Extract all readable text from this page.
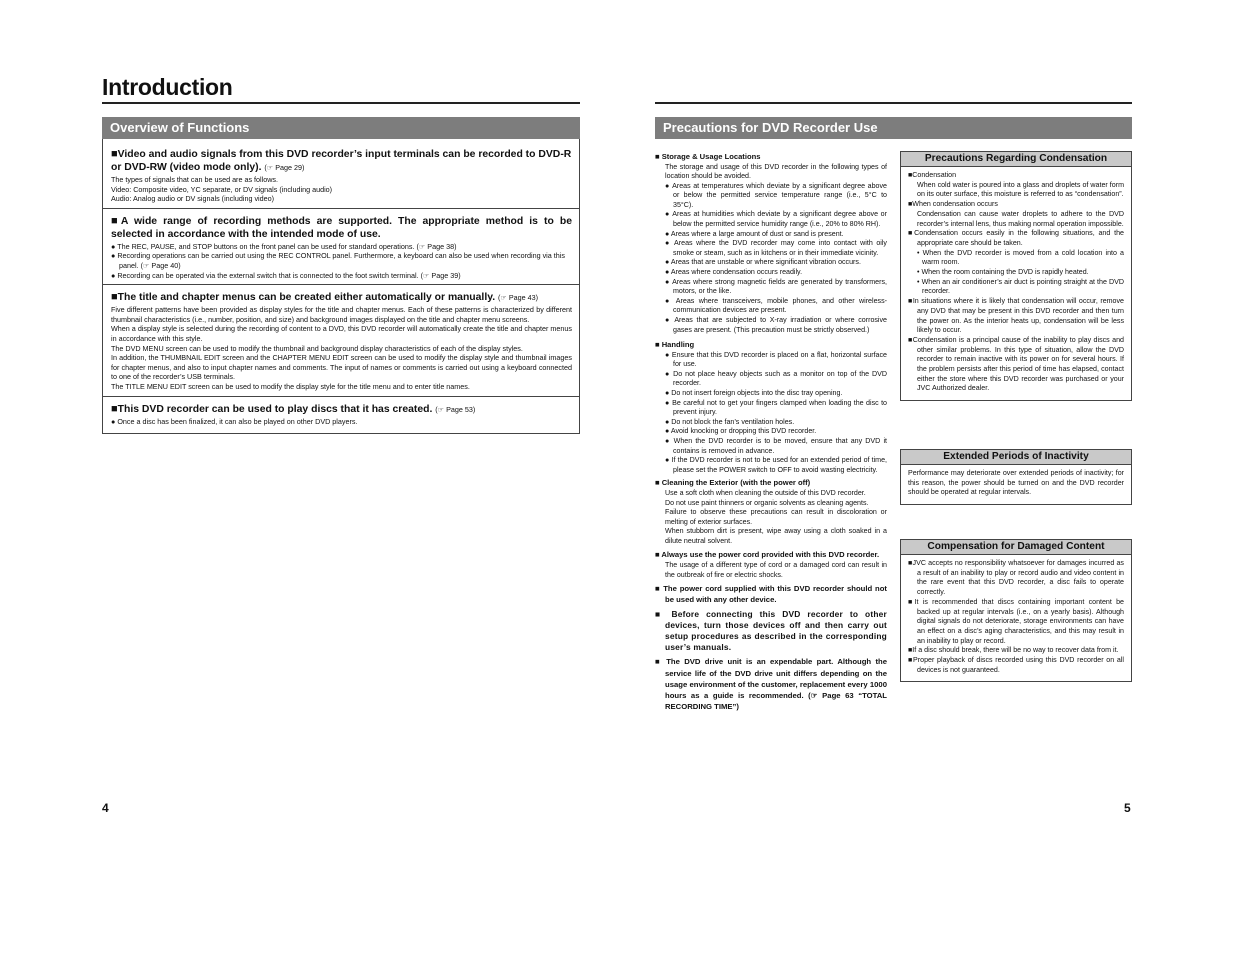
Introduction
Overview of Functions
■Video and audio signals from this DVD recorder’s input terminals can be recorded to DVD-R or DVD-RW (video mode only). (☞ Page 29)
The types of signals that can be used are as follows.
Video: Composite video, YC separate, or DV signals (including audio)
Audio: Analog audio or DV signals (including video)
■A wide range of recording methods are supported. The appropriate method is to be selected in accordance with the intended mode of use.
● The REC, PAUSE, and STOP buttons on the front panel can be used for standard operations. (☞ Page 38)
● Recording operations can be carried out using the REC CONTROL panel. Furthermore, a keyboard can also be used when recording via this panel. (☞ Page 40)
● Recording can be operated via the external switch that is connected to the foot switch terminal. (☞ Page 39)
■The title and chapter menus can be created either automatically or manually. (☞ Page 43)
Five different patterns have been provided as display styles for the title and chapter menus. Each of these patterns is characterized by different thumbnail characteristics (i.e., number, position, and size) and background images displayed on the title and chapter menu screens.
When a display style is selected during the recording of content to a DVD, this DVD recorder will automatically create the title and chapter menus in accordance with this style.
The DVD MENU screen can be used to modify the thumbnail and background display characteristics of each of the display styles.
In addition, the THUMBNAIL EDIT screen and the CHAPTER MENU EDIT screen can be used to modify the display style and thumbnail images for chapter menus, and also to input chapter names and comments. The input of names or comments is carried out using a keyboard connected to one of the recorder’s USB terminals.
The TITLE MENU EDIT screen can be used to modify the display style for the title menu and to enter title names.
■This DVD recorder can be used to play discs that it has created. (☞ Page 53)
● Once a disc has been finalized, it can also be played on other DVD players.
4
Precautions for DVD Recorder Use
■ Storage & Usage Locations
The storage and usage of this DVD recorder in the following types of location should be avoided.
● Areas at temperatures which deviate by a significant degree above or below the permitted service temperature range (i.e., 5°C to 35°C).
● Areas at humidities which deviate by a significant degree above or below the permitted service humidity range (i.e., 20% to 80% RH).
● Areas where a large amount of dust or sand is present.
● Areas where the DVD recorder may come into contact with oily smoke or steam, such as in kitchens or in their immediate vicinity.
● Areas that are unstable or where significant vibration occurs.
● Areas where condensation occurs readily.
● Areas where strong magnetic fields are generated by transformers, motors, or the like.
● Areas where transceivers, mobile phones, and other wireless-communication devices are present.
● Areas that are subjected to X-ray irradiation or where corrosive gases are present. (This precaution must be strictly observed.)
■ Handling
● Ensure that this DVD recorder is placed on a flat, horizontal surface for use.
● Do not place heavy objects such as a monitor on top of the DVD recorder.
● Do not insert foreign objects into the disc tray opening.
● Be careful not to get your fingers clamped when loading the disc to prevent injury.
● Do not block the fan’s ventilation holes.
● Avoid knocking or dropping this DVD recorder.
● When the DVD recorder is to be moved, ensure that any DVD it contains is removed in advance.
● If the DVD recorder is not to be used for an extended period of time, please set the POWER switch to OFF to avoid wasting electricity.
■ Cleaning the Exterior (with the power off)
Use a soft cloth when cleaning the outside of this DVD recorder.
Do not use paint thinners or organic solvents as cleaning agents.
Failure to observe these precautions can result in discoloration or melting of exterior surfaces.
When stubborn dirt is present, wipe away using a cloth soaked in a dilute neutral solvent.
■ Always use the power cord provided with this DVD recorder.
The usage of a different type of cord or a damaged cord can result in the outbreak of fire or electric shocks.
■ The power cord supplied with this DVD recorder should not be used with any other device.
■ Before connecting this DVD recorder to other devices, turn those devices off and then carry out setup procedures as described in the corresponding user’s manuals.
■ The DVD drive unit is an expendable part. Although the service life of the DVD drive unit differs depending on the usage environment of the customer, replacement every 1000 hours as a guide is recommended. (☞ Page 63 “TOTAL RECORDING TIME”)
Precautions Regarding Condensation
■Condensation
When cold water is poured into a glass and droplets of water form on its outer surface, this moisture is referred to as “condensation”.
■When condensation occurs
Condensation can cause water droplets to adhere to the DVD recorder’s internal lens, thus making normal operation impossible.
■Condensation occurs easily in the following situations, and the appropriate care should be taken.
• When the DVD recorder is moved from a cold location into a warm room.
• When the room containing the DVD is rapidly heated.
• When an air conditioner’s air duct is pointing straight at the DVD recorder.
■In situations where it is likely that condensation will occur, remove any DVD that may be present in this DVD recorder and then turn the power on. As the interior heats up, condensation will be less likely to occur.
■Condensation is a principal cause of the inability to play discs and other similar problems. In this type of situation, allow the DVD recorder to remain inactive with its power on for several hours. If the problem persists after this period of time has elapsed, contact either the store where this DVD recorder was purchased or your JVC Authorized dealer.
Extended Periods of Inactivity
Performance may deteriorate over extended periods of inactivity; for this reason, the power should be turned on and the DVD recorder should be operated at regular intervals.
Compensation for Damaged Content
■JVC accepts no responsibility whatsoever for damages incurred as a result of an inability to play or record audio and video content in the rare event that this DVD recorder, a disc fails to operate correctly.
■It is recommended that discs containing important content be backed up at regular intervals (i.e., on a yearly basis). Although digital signals do not deteriorate, storage environments can have an effect on a disc’s aging characteristics, and this may result in an inability to play or record.
■If a disc should break, there will be no way to recover data from it.
■Proper playback of discs recorded using this DVD recorder on all devices is not guaranteed.
5
